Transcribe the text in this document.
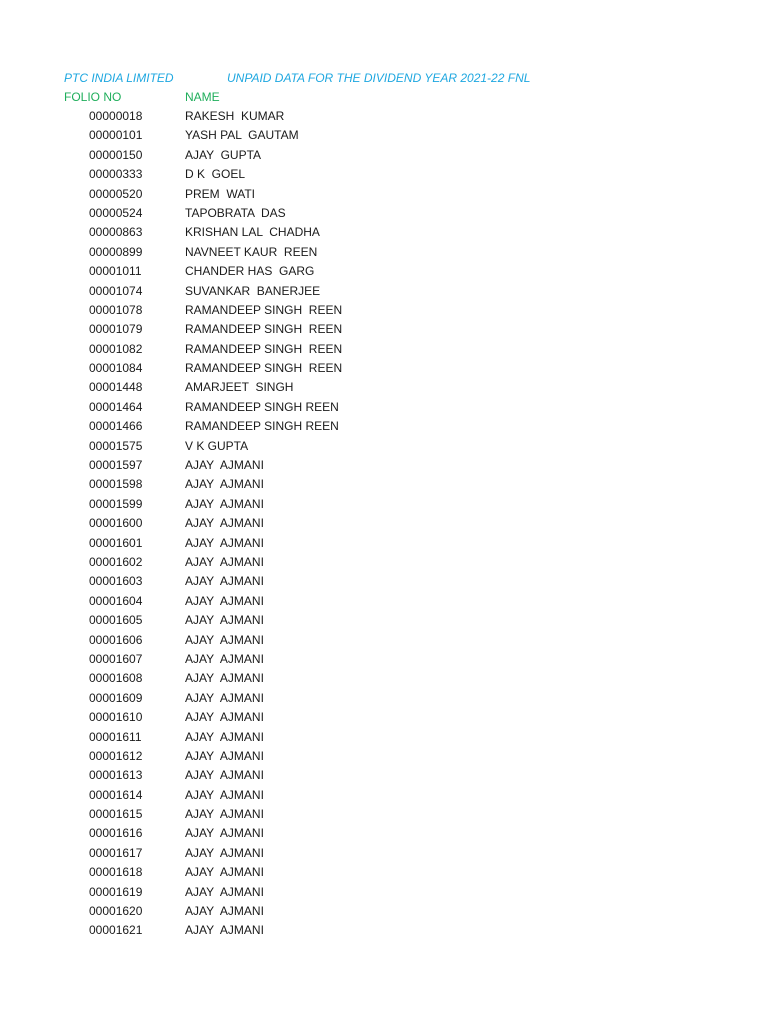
PTC INDIA LIMITED	UNPAID DATA FOR THE DIVIDEND YEAR 2021-22 FNL
FOLIO NO	NAME
00000018	RAKESH  KUMAR
00000101	YASH PAL  GAUTAM
00000150	AJAY  GUPTA
00000333	D K  GOEL
00000520	PREM  WATI
00000524	TAPOBRATA  DAS
00000863	KRISHAN LAL  CHADHA
00000899	NAVNEET KAUR  REEN
00001011	CHANDER HAS  GARG
00001074	SUVANKAR  BANERJEE
00001078	RAMANDEEP SINGH  REEN
00001079	RAMANDEEP SINGH  REEN
00001082	RAMANDEEP SINGH  REEN
00001084	RAMANDEEP SINGH  REEN
00001448	AMARJEET  SINGH
00001464	RAMANDEEP SINGH REEN
00001466	RAMANDEEP SINGH REEN
00001575	V K GUPTA
00001597	AJAY  AJMANI
00001598	AJAY  AJMANI
00001599	AJAY  AJMANI
00001600	AJAY  AJMANI
00001601	AJAY  AJMANI
00001602	AJAY  AJMANI
00001603	AJAY  AJMANI
00001604	AJAY  AJMANI
00001605	AJAY  AJMANI
00001606	AJAY  AJMANI
00001607	AJAY  AJMANI
00001608	AJAY  AJMANI
00001609	AJAY  AJMANI
00001610	AJAY  AJMANI
00001611	AJAY  AJMANI
00001612	AJAY  AJMANI
00001613	AJAY  AJMANI
00001614	AJAY  AJMANI
00001615	AJAY  AJMANI
00001616	AJAY  AJMANI
00001617	AJAY  AJMANI
00001618	AJAY  AJMANI
00001619	AJAY  AJMANI
00001620	AJAY  AJMANI
00001621	AJAY  AJMANI
